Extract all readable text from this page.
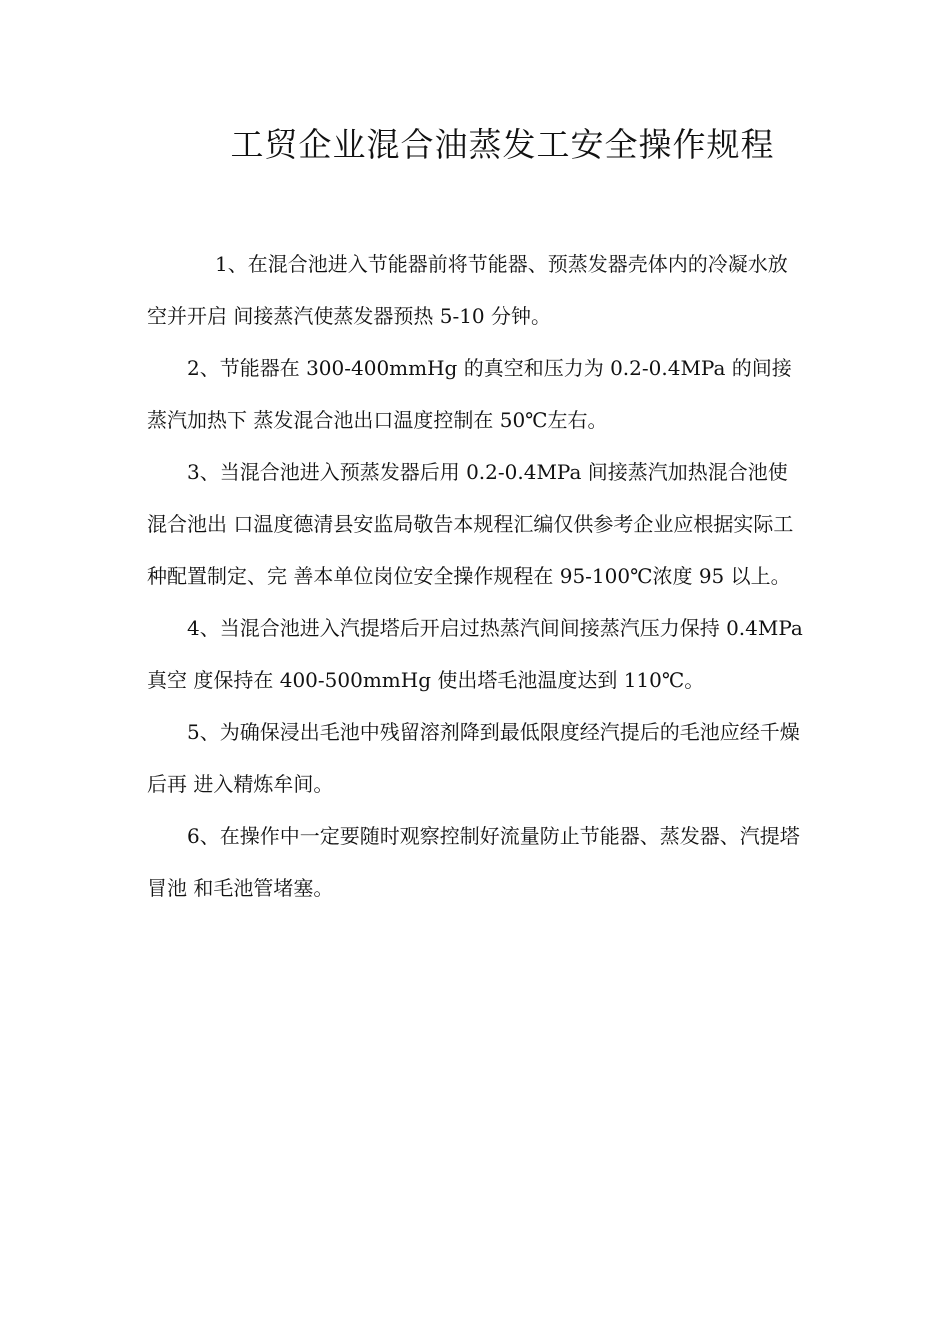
工贸企业混合油蒸发工安全操作规程

1、在混合池进入节能器前将节能器、预蒸发器壳体内的冷凝水放空并开启 间接蒸汽使蒸发器预热 5-10 分钟。

2、节能器在 300-400mmHg 的真空和压力为 0.2-0.4MPa 的间接蒸汽加热下 蒸发混合池出口温度控制在 50℃左右。

3、当混合池进入预蒸发器后用 0.2-0.4MPa 间接蒸汽加热混合池使混合池出 口温度德清县安监局敬告本规程汇编仅供参考企业应根据实际工种配置制定、完 善本单位岗位安全操作规程在 95-100℃浓度 95 以上。

4、当混合池进入汽提塔后开启过热蒸汽间间接蒸汽压力保持 0.4MPa 真空 度保持在 400-500mmHg 使出塔毛池温度达到 110℃。

5、为确保浸出毛池中残留溶剂降到最低限度经汽提后的毛池应经千燥后再 进入精炼牟间。

6、在操作中一定要随时观察控制好流量防止节能器、蒸发器、汽提塔冒池 和毛池管堵塞。
